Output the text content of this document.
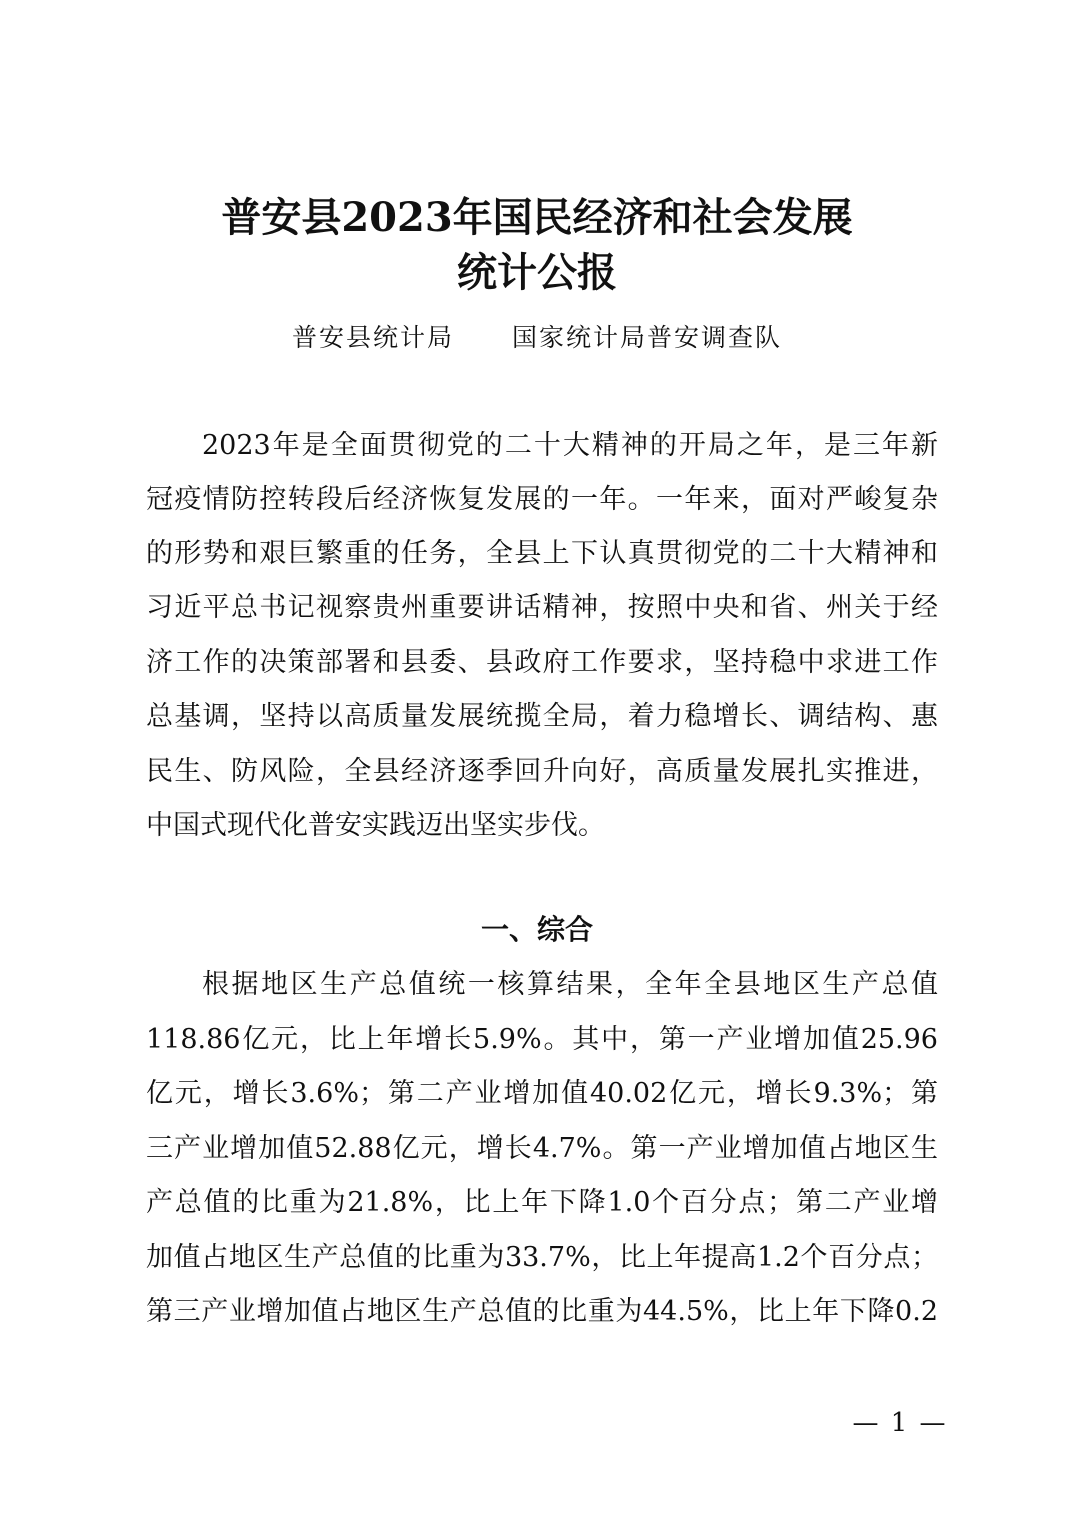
普安县2023年国民经济和社会发展
统计公报
普安县统计局 国家统计局普安调查队
2023年是全面贯彻党的二十大精神的开局之年，是三年新
冠疫情防控转段后经济恢复发展的一年。一年来，面对严峻复杂
的形势和艰巨繁重的任务，全县上下认真贯彻党的二十大精神和
习近平总书记视察贵州重要讲话精神，按照中央和省、州关于经
济工作的决策部署和县委、县政府工作要求，坚持稳中求进工作
总基调，坚持以高质量发展统揽全局，着力稳增长、调结构、惠
民生、防风险，全县经济逐季回升向好，高质量发展扎实推进，
中国式现代化普安实践迈出坚实步伐。
一、综合
根据地区生产总值统一核算结果，全年全县地区生产总值
118.86亿元，比上年增长5.9%。其中，第一产业增加值25.96
亿元，增长3.6%；第二产业增加值40.02亿元，增长9.3%；第
三产业增加值52.88亿元，增长4.7%。第一产业增加值占地区生
产总值的比重为21.8%，比上年下降1.0个百分点；第二产业增
加值占地区生产总值的比重为33.7%，比上年提高1.2个百分点；
第三产业增加值占地区生产总值的比重为44.5%，比上年下降0.2
— 1 —
